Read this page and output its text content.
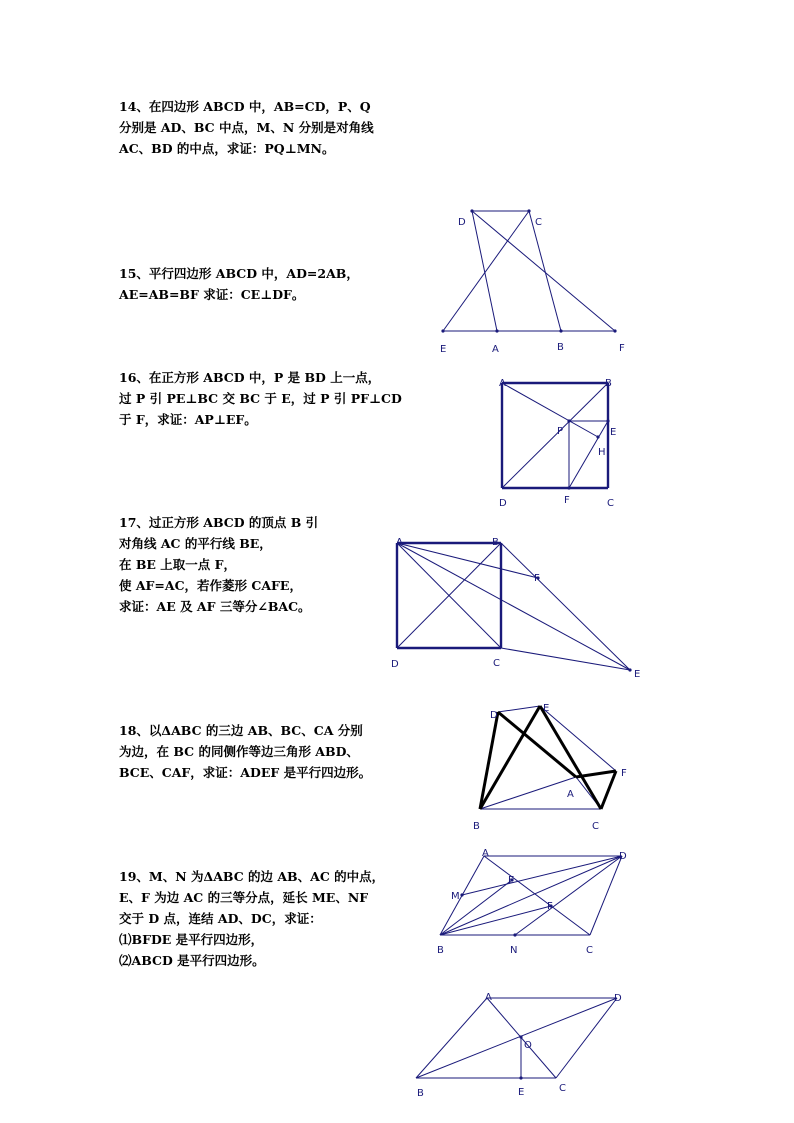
14、在四边形 ABCD 中，AB=CD，P、Q
分别是 AD、BC 中点，M、N 分别是对角线
AC、BD 的中点，求证：PQ⊥MN。
15、平行四边形 ABCD 中，AD=2AB，
AE=AB=BF 求证：CE⊥DF。
16、在正方形 ABCD 中，P 是 BD 上一点，
过 P 引 PE⊥BC 交 BC 于 E，过 P 引 PF⊥CD
于 F，求证：AP⊥EF。
17、过正方形 ABCD 的顶点 B 引
对角线 AC 的平行线 BE，
在 BE 上取一点 F，
使 AF=AC，若作菱形 CAFE，
求证：AE 及 AF 三等分∠BAC。
18、以ΔABC 的三边 AB、BC、CA 分别
为边，在 BC 的同侧作等边三角形 ABD、
BCE、CAF，求证：ADEF 是平行四边形。
19、M、N 为ΔABC 的边 AB、AC 的中点，
E、F 为边 AC 的三等分点，延长 ME、NF
交于 D 点，连结 AD、DC，求证：
⑴BFDE 是平行四边形，
⑵ABCD 是平行四边形。
D	C
E	A	B	F
A	B
P	E
H
D	F	C
A	B
F
D	C
E
D
E
F
A
B	C
A	D
E
M
F
B	N	C
A	D
O
B	E	C
